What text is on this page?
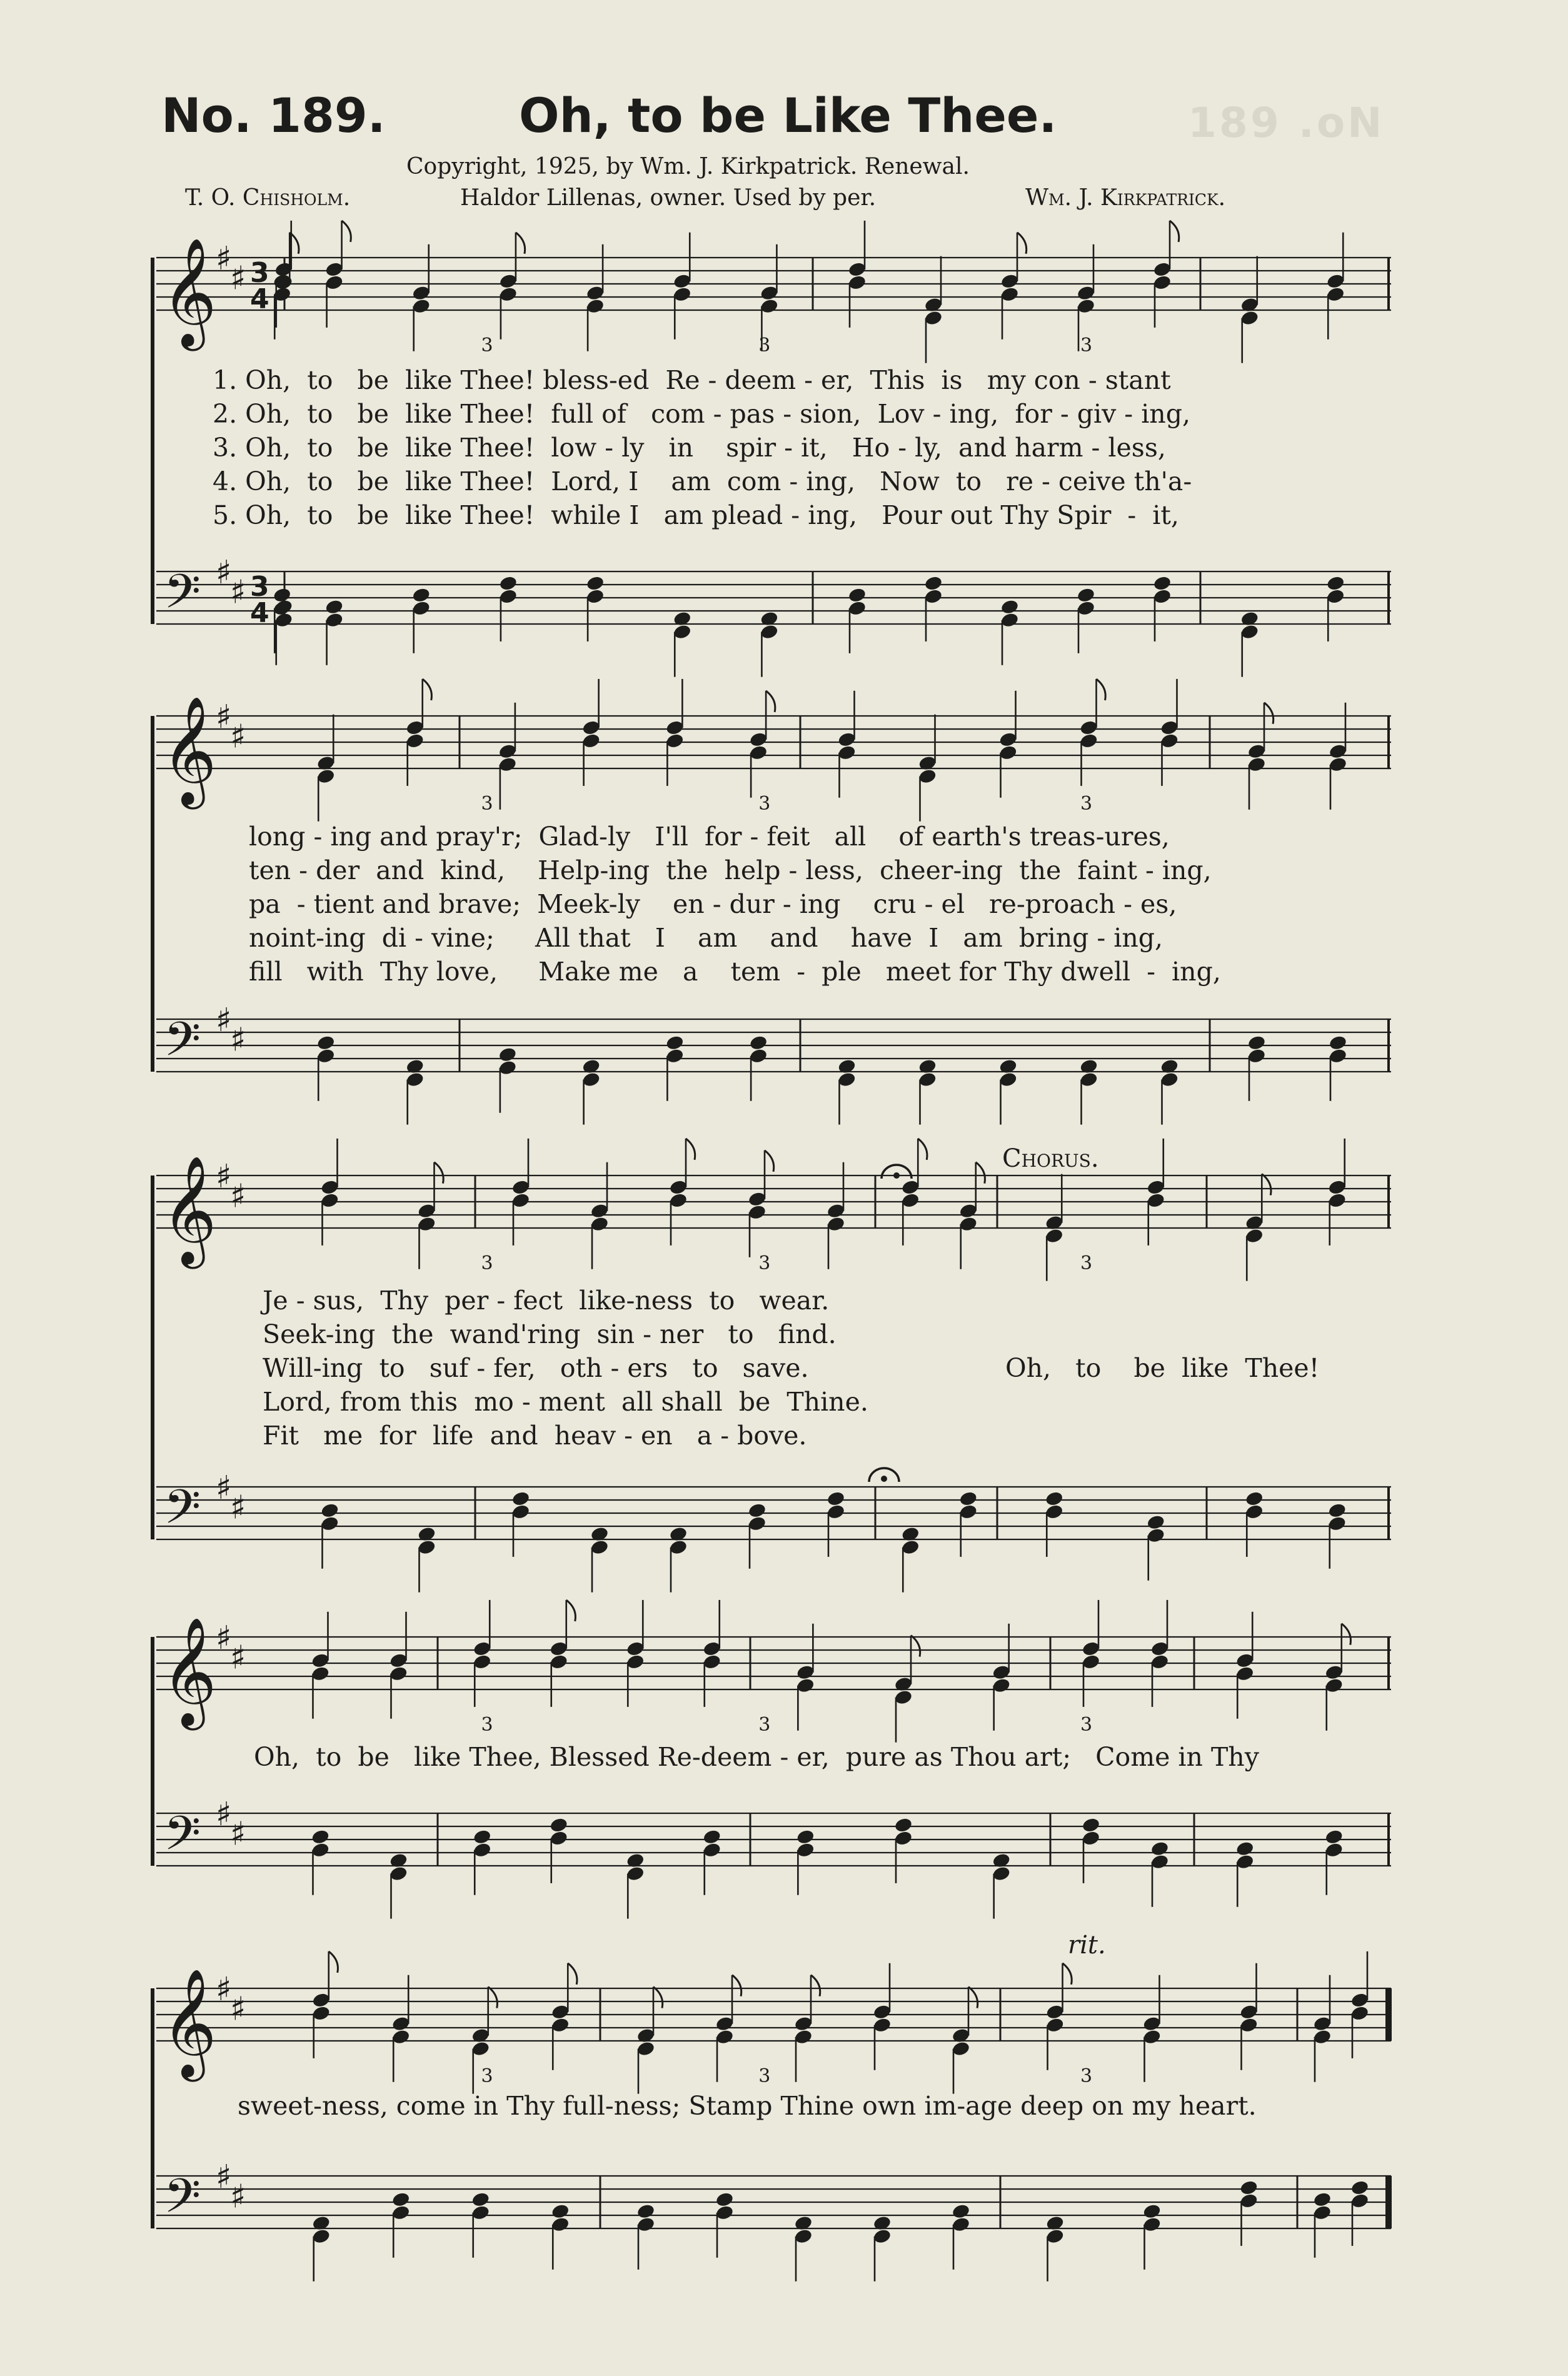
No. 189.	Oh, to be Like Thee.	189 .oN
Copyright, 1925, by Wm. J. Kirkpatrick. Renewal.
T. O. Chisholm.	Haldor Lillenas, owner. Used by per.	Wm. J. Kirkpatrick.
𝄞
♯
♯
𝄢 ♯
♯
3
4
3
4
3	3	3
𝄞
♯
♯
𝄢 ♯
♯
3	3	3
𝄞
♯
♯
𝄢 ♯
♯
3	3	3
𝄞
♯
♯
𝄢 ♯
♯
3	3	3
𝄞
♯
♯
𝄢 ♯
♯
3	3	3
1. Oh,  to   be  like Thee! bless-ed  Re - deem - er,  This  is   my con - stant
2. Oh,  to   be  like Thee!  full of   com - pas - sion,  Lov - ing,  for - giv - ing,
3. Oh,  to   be  like Thee!  low - ly   in    spir - it,   Ho - ly,  and harm - less,
4. Oh,  to   be  like Thee!  Lord, I    am  com - ing,   Now  to   re - ceive th'a-
5. Oh,  to   be  like Thee!  while I   am plead - ing,   Pour out Thy Spir  -  it,
long - ing and pray'r;  Glad-ly   I'll  for - feit   all    of earth's treas-ures,
ten - der  and  kind,    Help-ing  the  help - less,  cheer-ing  the  faint - ing,
pa  - tient and brave;  Meek-ly    en - dur - ing    cru - el   re-proach - es,
noint-ing  di - vine;     All that   I    am    and    have  I   am  bring - ing,
fill   with  Thy love,     Make me   a    tem  -  ple   meet for Thy dwell  -  ing,
Je - sus,  Thy  per - fect  like-ness  to   wear.
Seek-ing  the  wand'ring  sin - ner   to   find.
Will-ing  to   suf - fer,   oth - ers   to   save.
Lord, from this  mo - ment  all shall  be  Thine.
Fit   me  for  life  and  heav - en   a - bove.
Oh,   to    be  like  Thee!
Oh,  to  be   like Thee, Blessed Re-deem - er,  pure as Thou art;   Come in Thy
sweet-ness, come in Thy full-ness; Stamp Thine own im-age deep on my heart.
Chorus.
rit.
